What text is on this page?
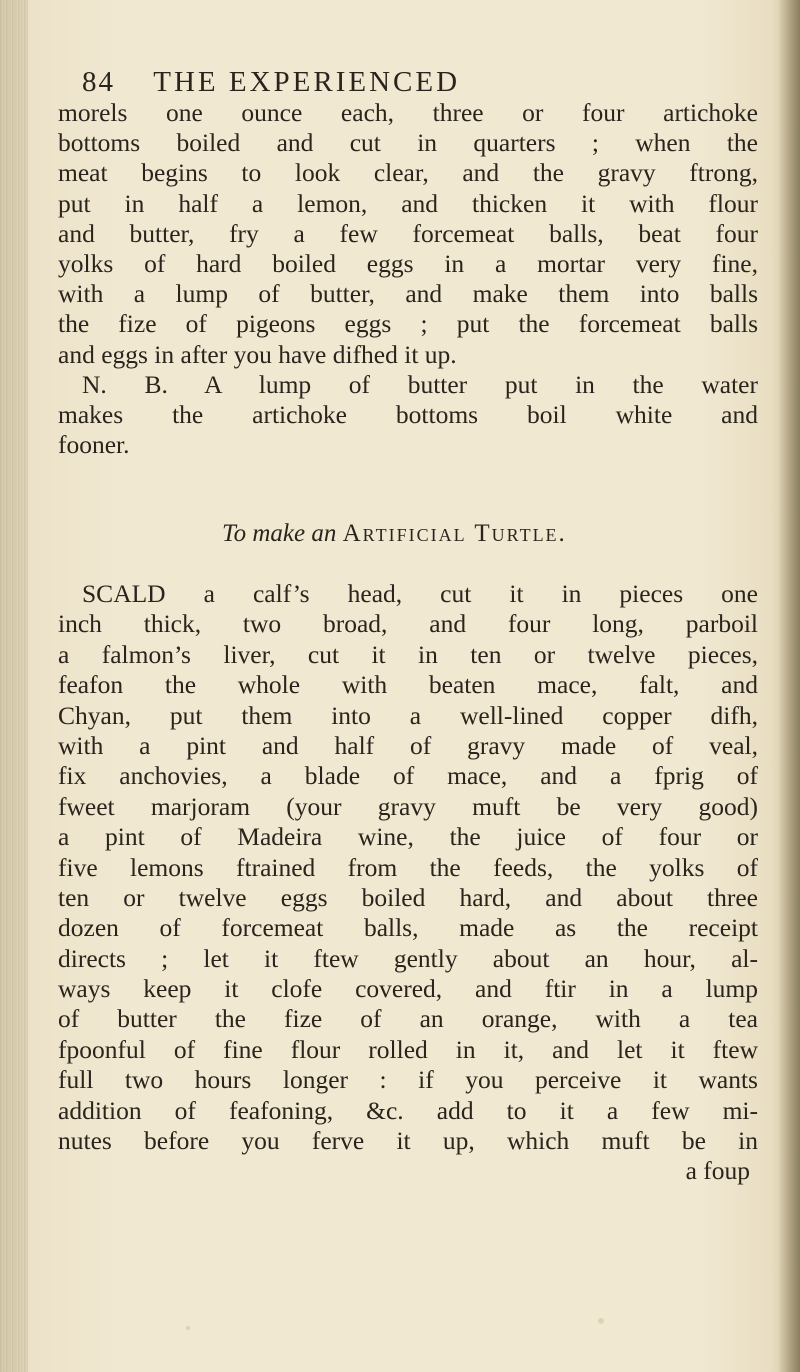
84 THE EXPERIENCED
morels one ounce each, three or four artichoke
bottoms boiled and cut in quarters ; when the
meat begins to look clear, and the gravy ftrong,
put in half a lemon, and thicken it with flour
and butter, fry a few forcemeat balls, beat four
yolks of hard boiled eggs in a mortar very fine,
with a lump of butter, and make them into balls
the fize of pigeons eggs ; put the forcemeat balls
and eggs in after you have difhed it up.
N. B. A lump of butter put in the water
makes the artichoke bottoms boil white and
fooner.
To make an Artificial Turtle.
SCALD a calf’s head, cut it in pieces one
inch thick, two broad, and four long, parboil
a falmon’s liver, cut it in ten or twelve pieces,
feafon the whole with beaten mace, falt, and
Chyan, put them into a well-lined copper difh,
with a pint and half of gravy made of veal,
fix anchovies, a blade of mace, and a fprig of
fweet marjoram (your gravy muft be very good)
a pint of Madeira wine, the juice of four or
five lemons ftrained from the feeds, the yolks of
ten or twelve eggs boiled hard, and about three
dozen of forcemeat balls, made as the receipt
directs ; let it ftew gently about an hour, al-
ways keep it clofe covered, and ftir in a lump
of butter the fize of an orange, with a tea
fpoonful of fine flour rolled in it, and let it ftew
full two hours longer : if you perceive it wants
addition of feafoning, &c. add to it a few mi-
nutes before you ferve it up, which muft be in
a foup
